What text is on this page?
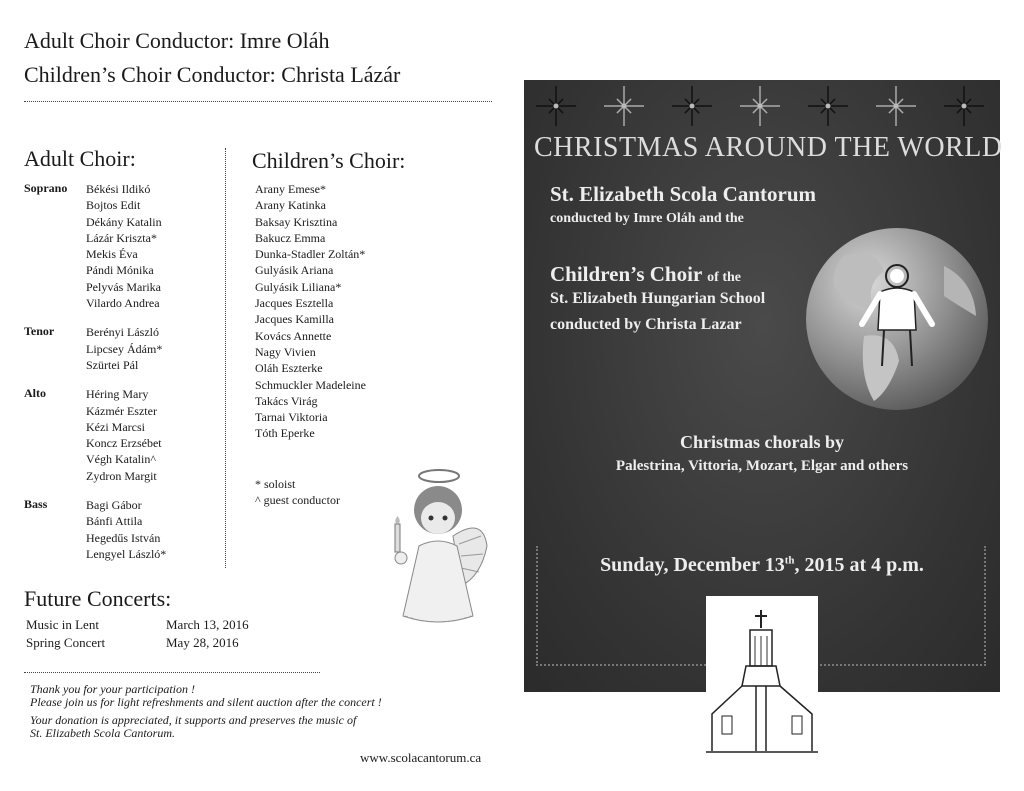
Adult Choir Conductor: Imre Oláh
Children’s Choir Conductor: Christa Lázár
Adult Choir:
Soprano Békési Ildikó
Bojtos Edit
Dékány Katalin
Lázár Kriszta*
Mekis Éva
Pándi Mónika
Pelyvás Marika
Vilardo Andrea
Tenor	Berényi László
Lipcsey Ádám*
Szürtei Pál
Alto	Héring Mary
Kázmér Eszter
Kézi Marcsi
Koncz Erzsébet
Végh Katalin^
Zydron Margit
Bass	Bagi Gábor
Bánfi Attila
Hegedűs István
Lengyel László*
Children’s Choir:
Arany Emese*
Arany Katinka
Baksay Krisztina
Bakucz Emma
Dunka-Stadler Zoltán*
Gulyásik Ariana
Gulyásik Liliana*
Jacques Esztella
Jacques Kamilla
Kovács Annette
Nagy Vivien
Oláh Eszterke
Schmuckler Madeleine
Takács Virág
Tarnai Viktoria
Tóth Eperke
* soloist
^ guest conductor
Future Concerts:
Music in Lent	March 13, 2016
Spring Concert	May 28, 2016
Thank you for your participation !
Please join us for light refreshments and silent auction after the concert !
Your donation is appreciated, it supports and preserves the music of
St. Elizabeth Scola Cantorum.
www.scolacantorum.ca
CHRISTMAS AROUND THE WORLD
St. Elizabeth Scola Cantorum
conducted by Imre Oláh and the
Children’s Choir of the
St. Elizabeth Hungarian School
conducted by Christa Lazar
Christmas chorals by
Palestrina, Vittoria, Mozart, Elgar and others
Sunday, December 13th, 2015 at 4 p.m.
